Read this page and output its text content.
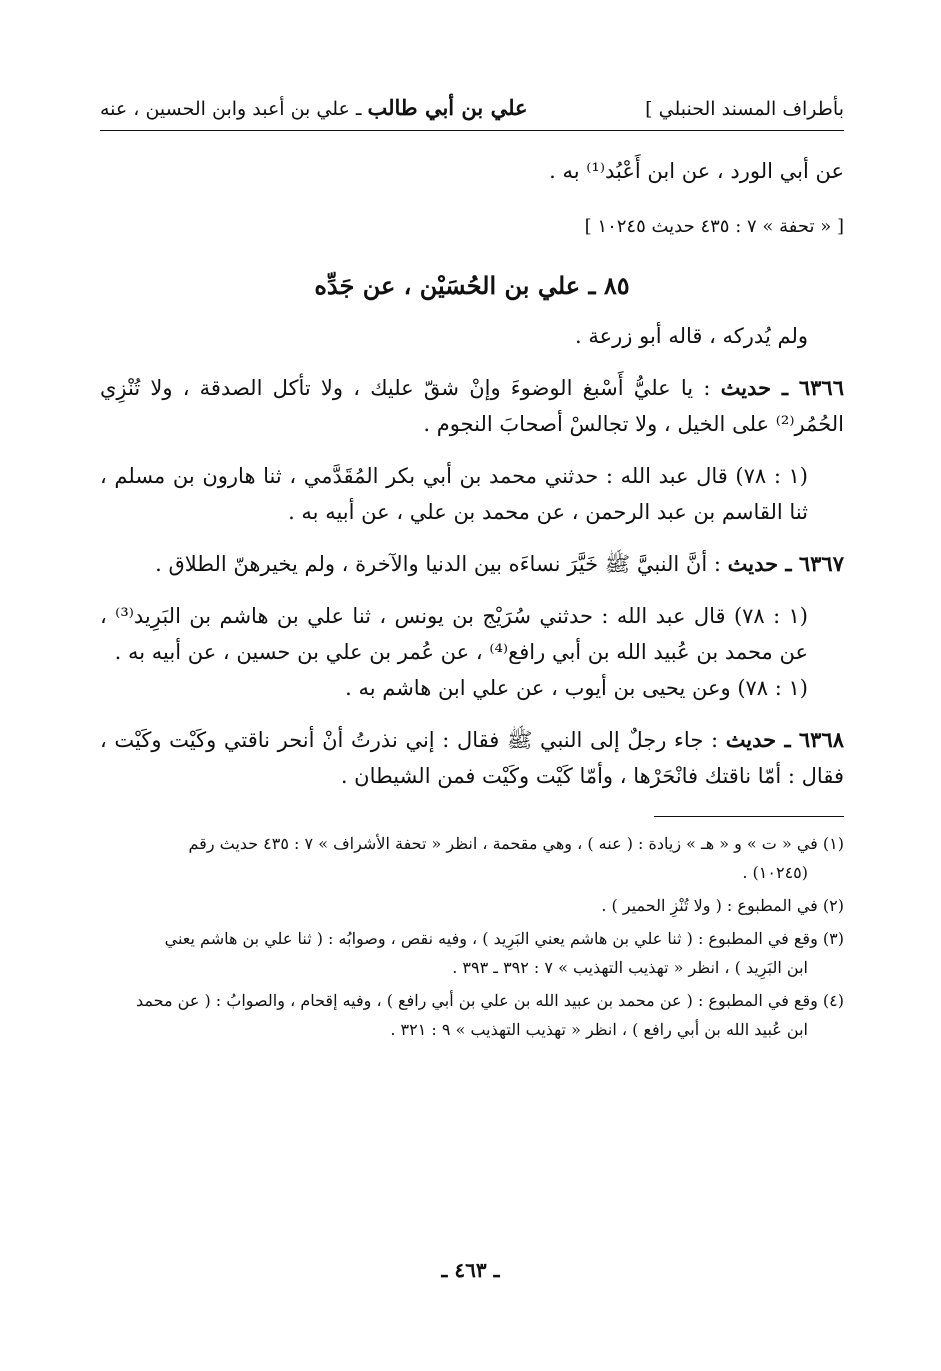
بأطراف المسند الحنبلي ]
علي بن أبي طالب ـ علي بن أعبد وابن الحسين ، عنه

عن أبي الورد ، عن ابن أَعْبُد⁽¹⁾ به .

[ « تحفة » ٧ : ٤٣٥ حديث ١٠٢٤٥ ]

٨٥ ـ علي بن الحُسَيْن ، عن جَدِّه

ولم يُدركه ، قاله أبو زرعة .

٦٣٦٦ ـ حديث : يا عليُّ أَسْبغ الوضوءَ وإنْ شقّ عليك ، ولا تأكل الصدقة ، ولا تُنْزِي الحُمُر⁽²⁾ على الخيل ، ولا تجالسْ أصحابَ النجوم .

(١ : ٧٨) قال عبد الله : حدثني محمد بن أبي بكر المُقَدَّمي ، ثنا هارون بن مسلم ، ثنا القاسم بن عبد الرحمن ، عن محمد بن علي ، عن أبيه به .

٦٣٦٧ ـ حديث : أنَّ النبيَّ ﷺ خَيَّرَ نساءَه بين الدنيا والآخرة ، ولم يخيرهنّ الطلاق .

(١ : ٧٨) قال عبد الله : حدثني سُرَيْج بن يونس ، ثنا علي بن هاشم بن البَرِيد⁽³⁾ ، عن محمد بن عُبيد الله بن أبي رافع⁽⁴⁾ ، عن عُمر بن علي بن حسين ، عن أبيه به .

(١ : ٧٨) وعن يحيى بن أيوب ، عن علي ابن هاشم به .

٦٣٦٨ ـ حديث : جاء رجلٌ إلى النبي ﷺ فقال : إني نذرتُ أنْ أنحر ناقتي وكَيْت وكَيْت ، فقال : أمّا ناقتك فانْحَرْها ، وأمّا كَيْت وكَيْت فمن الشيطان .

(١) في « ت » و « هـ » زيادة : ( عنه ) ، وهي مقحمة ، انظر « تحفة الأشراف » ٧ : ٤٣٥ حديث رقم
(١٠٢٤٥) .

(٢) في المطبوع : ( ولا تُنْزِ الحمير ) .

(٣) وقع في المطبوع : ( ثنا علي بن هاشم يعني البَرِيد ) ، وفيه نقص ، وصوابُه : ( ثنا علي بن هاشم يعني
ابن البَرِيد ) ، انظر « تهذيب التهذيب » ٧ : ٣٩٢ ـ ٣٩٣ .

(٤) وقع في المطبوع : ( عن محمد بن عبيد الله بن علي بن أبي رافع ) ، وفيه إقحام ، والصوابُ : ( عن محمد
ابن عُبيد الله بن أبي رافع ) ، انظر « تهذيب التهذيب » ٩ : ٣٢١ .

ـ ٤٦٣ ـ
